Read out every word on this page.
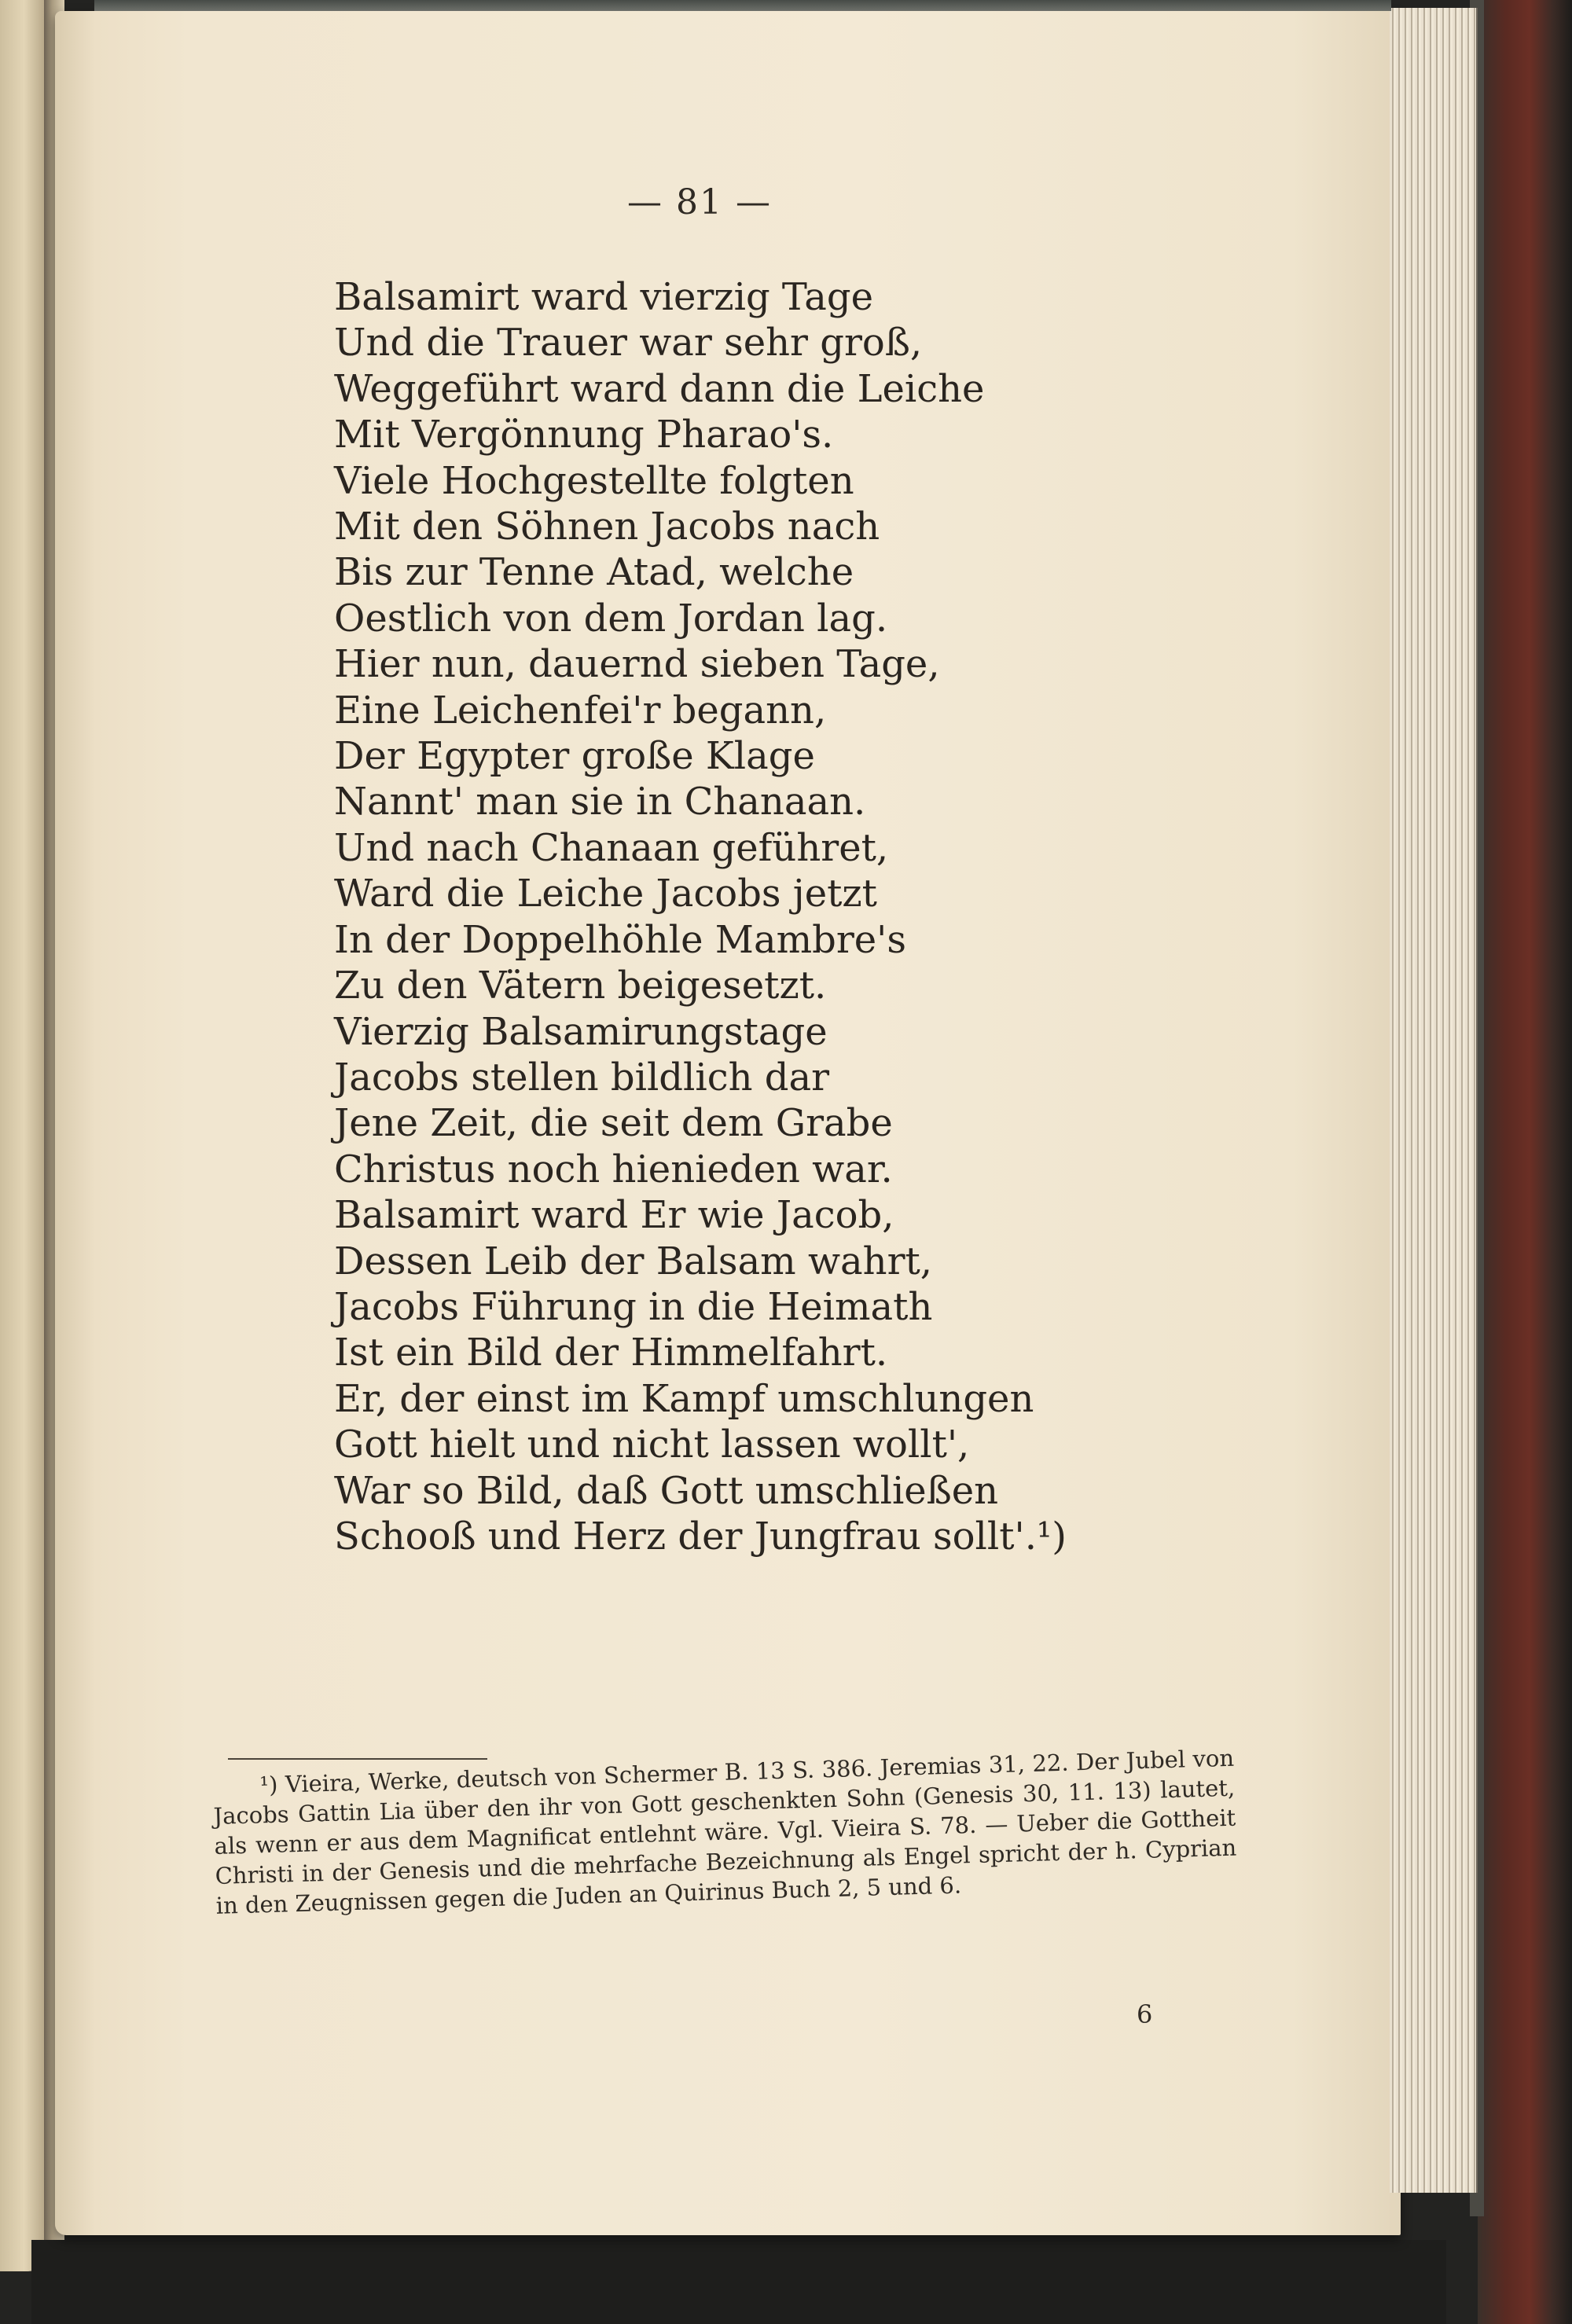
— 81 —
Balsamirt ward vierzig Tage
Und die Trauer war sehr groß,
Weggeführt ward dann die Leiche
Mit Vergönnung Pharao's.
Viele Hochgestellte folgten
Mit den Söhnen Jacobs nach
Bis zur Tenne Atad, welche
Oestlich von dem Jordan lag.
Hier nun, dauernd sieben Tage,
Eine Leichenfei'r begann,
Der Egypter große Klage
Nannt' man sie in Chanaan.
Und nach Chanaan geführet,
Ward die Leiche Jacobs jetzt
In der Doppelhöhle Mambre's
Zu den Vätern beigesetzt.
Vierzig Balsamirungstage
Jacobs stellen bildlich dar
Jene Zeit, die seit dem Grabe
Christus noch hienieden war.
Balsamirt ward Er wie Jacob,
Dessen Leib der Balsam wahrt,
Jacobs Führung in die Heimath
Ist ein Bild der Himmelfahrt.
Er, der einst im Kampf umschlungen
Gott hielt und nicht lassen wollt',
War so Bild, daß Gott umschließen
Schooß und Herz der Jungfrau sollt'.¹)

¹) Vieira, Werke, deutsch von Schermer B. 13 S. 386. Jeremias 31, 22. Der Jubel von Jacobs Gattin Lia über den ihr von Gott geschenkten Sohn (Genesis 30, 11. 13) lautet, als wenn er aus dem Magnificat entlehnt wäre. Vgl. Vieira S. 78. — Ueber die Gottheit Christi in der Genesis und die mehrfache Bezeichnung als Engel spricht der h. Cyprian in den Zeugnissen gegen die Juden an Quirinus Buch 2, 5 und 6.

6
